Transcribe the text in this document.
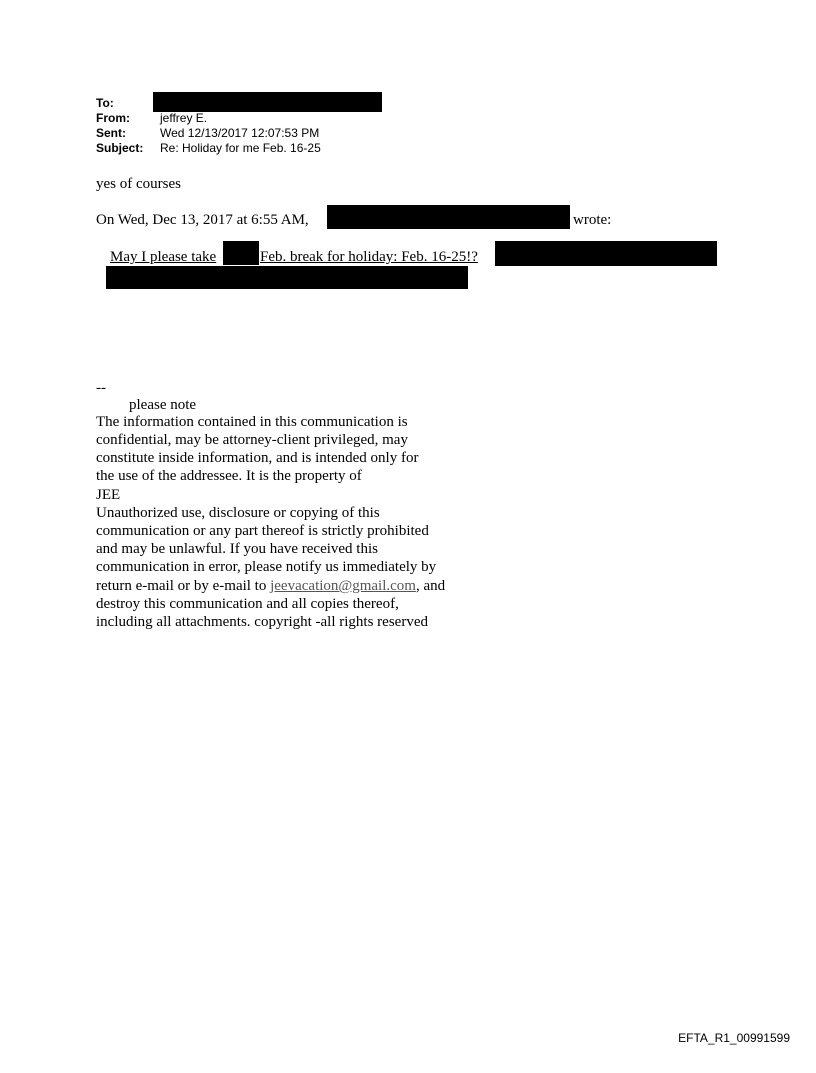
To:
From:	jeffrey E.
Sent:	Wed 12/13/2017 12:07:53 PM
Subject: Re: Holiday for me Feb. 16-25
yes of courses
On Wed, Dec 13, 2017 at 6:55 AM,	wrote:
May I please take	Feb. break for holiday: Feb. 16-25!?
--
please note
The information contained in this communication is
confidential, may be attorney-client privileged, may
constitute inside information, and is intended only for
the use of the addressee. It is the property of
JEE
Unauthorized use, disclosure or copying of this
communication or any part thereof is strictly prohibited
and may be unlawful. If you have received this
communication in error, please notify us immediately by
return e-mail or by e-mail to jeevacation@gmail.com, and
destroy this communication and all copies thereof,
including all attachments. copyright -all rights reserved
EFTA_R1_00991599
